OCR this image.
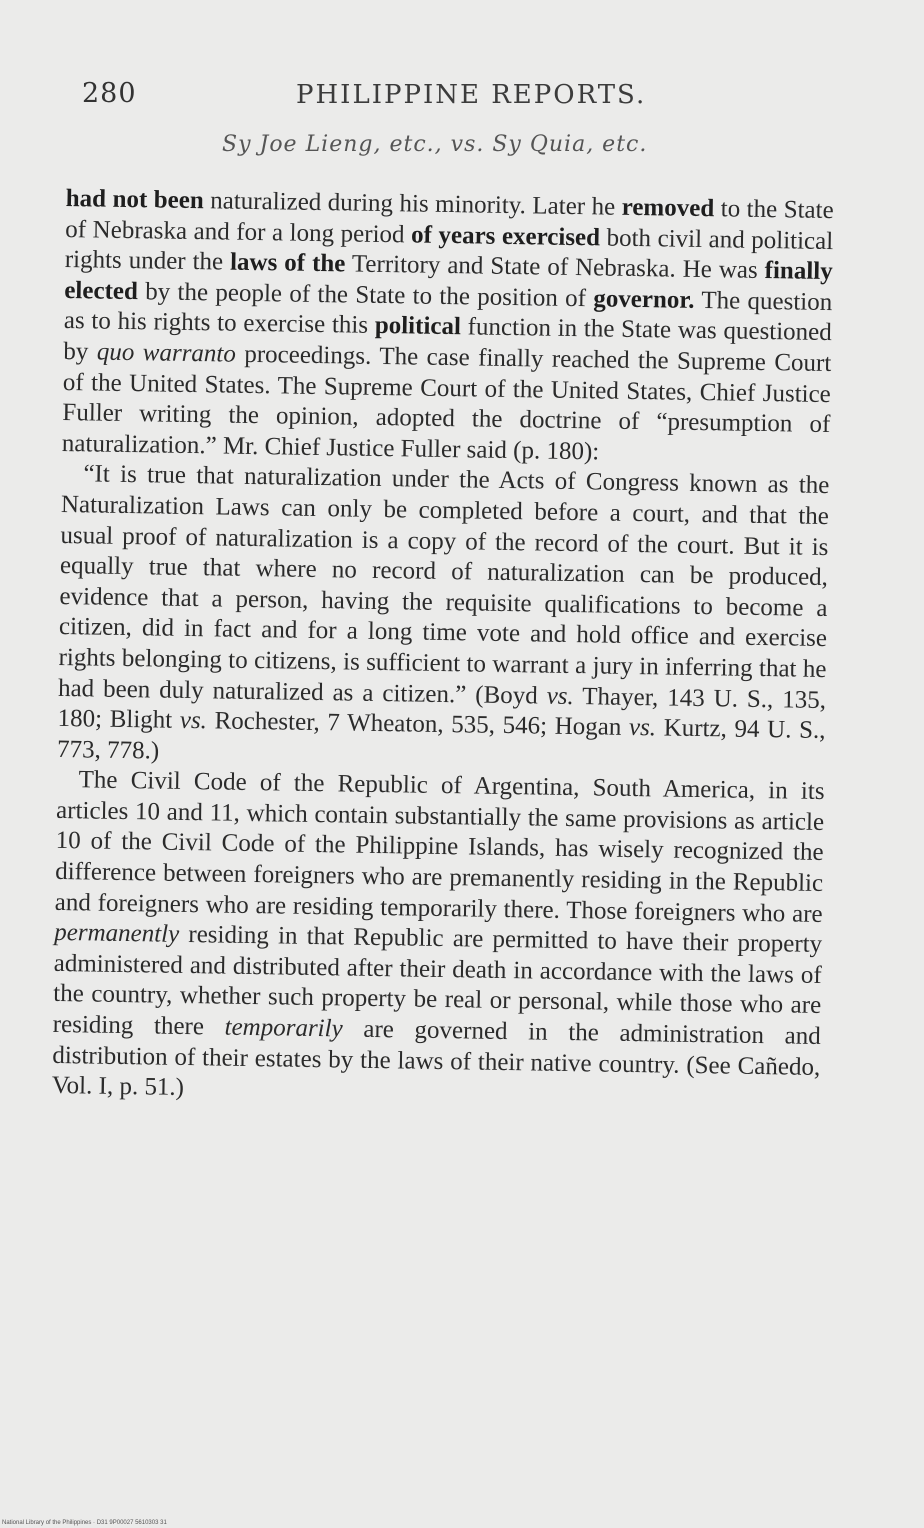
280	PHILIPPINE REPORTS.
Sy Joe Lieng, etc., vs. Sy Quia, etc.

had not been naturalized during his minority. Later he removed to the State of Nebraska and for a long period of years exercised both civil and political rights under the laws of the Territory and State of Nebraska. He was finally elected by the people of the State to the position of governor. The question as to his rights to exercise this political function in the State was questioned by quo warranto proceedings. The case finally reached the Supreme Court of the United States. The Supreme Court of the United States, Chief Justice Fuller writing the opinion, adopted the doctrine of “presumption of naturalization.” Mr. Chief Justice Fuller said (p. 180):

“It is true that naturalization under the Acts of Congress known as the Naturalization Laws can only be completed before a court, and that the usual proof of naturalization is a copy of the record of the court. But it is equally true that where no record of naturalization can be produced, evidence that a person, having the requisite qualifications to become a citizen, did in fact and for a long time vote and hold office and exercise rights belonging to citizens, is sufficient to warrant a jury in inferring that he had been duly naturalized as a citizen.” (Boyd vs. Thayer, 143 U. S., 135, 180; Blight vs. Rochester, 7 Wheaton, 535, 546; Hogan vs. Kurtz, 94 U. S., 773, 778.)

The Civil Code of the Republic of Argentina, South America, in its articles 10 and 11, which contain substantially the same provisions as article 10 of the Civil Code of the Philippine Islands, has wisely recognized the difference between foreigners who are premanently residing in the Republic and foreigners who are residing temporarily there. Those foreigners who are permanently residing in that Republic are permitted to have their property administered and distributed after their death in accordance with the laws of the country, whether such property be real or personal, while those who are residing there temporarily are governed in the administration and distribution of their estates by the laws of their native country. (See Cañedo, Vol. I, p. 51.)

National Library of the Philippines · D31 9P00027 5610303 31
